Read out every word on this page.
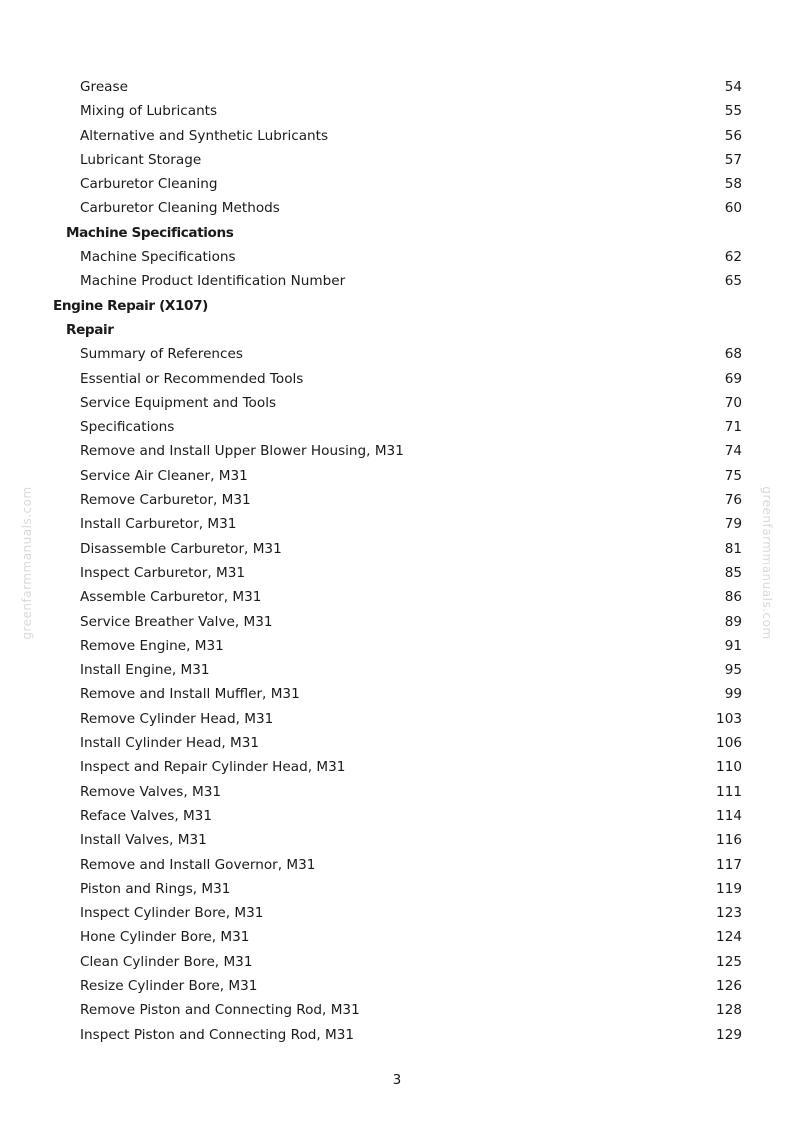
Grease	54
Mixing of Lubricants	55
Alternative and Synthetic Lubricants	56
Lubricant Storage	57
Carburetor Cleaning	58
Carburetor Cleaning Methods	60
Machine Specifications
Machine Specifications	62
Machine Product Identification Number	65
Engine Repair (X107)
Repair
Summary of References	68
Essential or Recommended Tools	69
Service Equipment and Tools	70
Specifications	71
Remove and Install Upper Blower Housing, M31	74
Service Air Cleaner, M31	75
Remove Carburetor, M31	76
Install Carburetor, M31	79
Disassemble Carburetor, M31	81
Inspect Carburetor, M31	85
Assemble Carburetor, M31	86
Service Breather Valve, M31	89
Remove Engine, M31	91
Install Engine, M31	95
Remove and Install Muffler, M31	99
Remove Cylinder Head, M31	103
Install Cylinder Head, M31	106
Inspect and Repair Cylinder Head, M31	110
Remove Valves, M31	111
Reface Valves, M31	114
Install Valves, M31	116
Remove and Install Governor, M31	117
Piston and Rings, M31	119
Inspect Cylinder Bore, M31	123
Hone Cylinder Bore, M31	124
Clean Cylinder Bore, M31	125
Resize Cylinder Bore, M31	126
Remove Piston and Connecting Rod, M31	128
Inspect Piston and Connecting Rod, M31	129
3
greenfarmmanuals.com	greenfarmmanuals.com
